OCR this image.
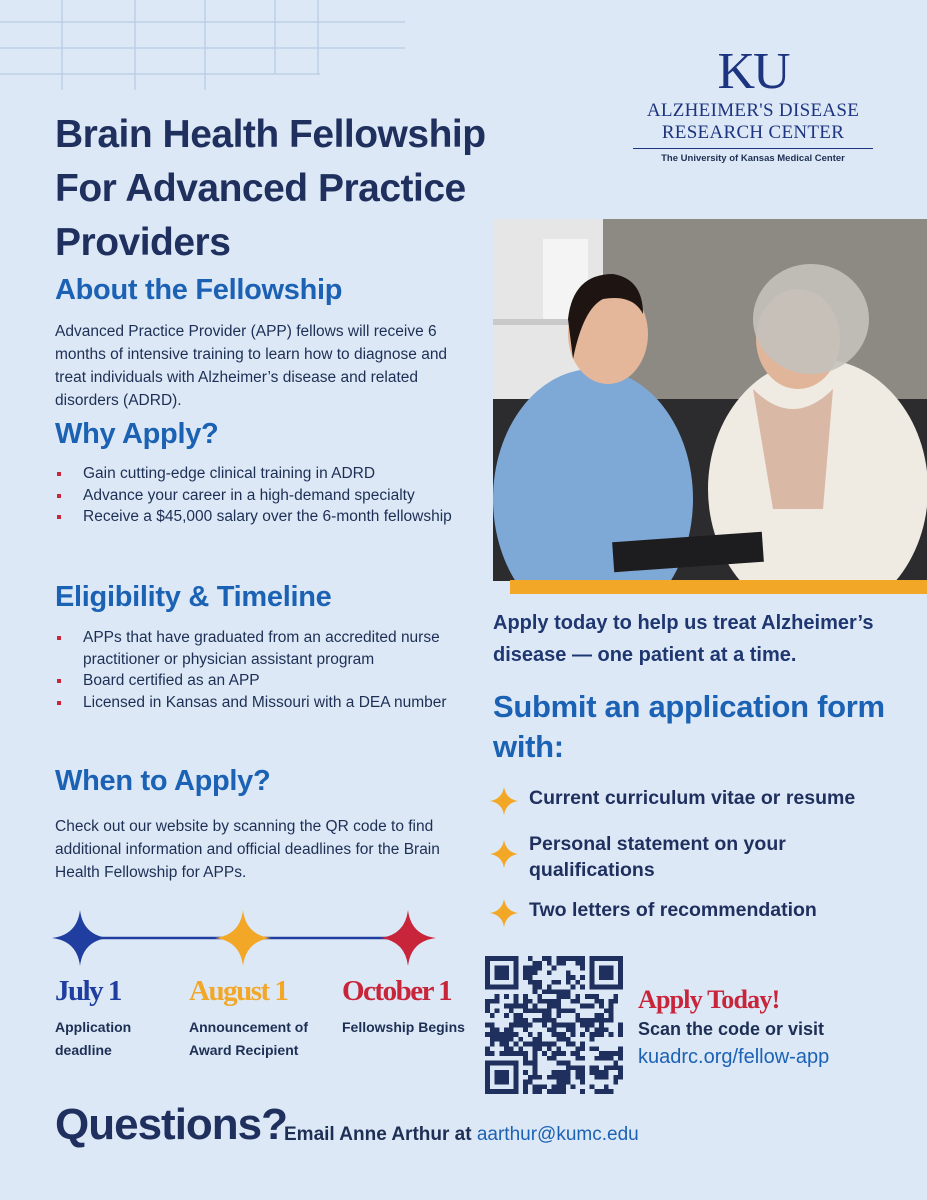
KU
ALZHEIMER'S DISEASE
RESEARCH CENTER
The University of Kansas Medical Center
Brain Health Fellowship For Advanced Practice Providers
About the Fellowship

Advanced Practice Provider (APP) fellows will receive 6 months of intensive training to learn how to diagnose and treat individuals with Alzheimer’s disease and related disorders (ADRD).

Why Apply?
Gain cutting-edge clinical training in ADRD
Advance your career in a high-demand specialty
Receive a $45,000 salary over the 6-month fellowship
Eligibility & Timeline
APPs that have graduated from an accredited nurse practitioner or physician assistant program
Board certified as an APP
Licensed in Kansas and Missouri with a DEA number
When to Apply?

Check out our website by scanning the QR code to find additional information and official deadlines for the Brain Health Fellowship for APPs.

July 1
Application deadline
August 1
Announcement of Award Recipient
October 1
Fellowship Begins
Questions?
Email Anne Arthur at aarthur@kumc.edu
Apply today to help us treat Alzheimer’s disease — one patient at a time.
Submit an application form with:
Current curriculum vitae or resume
Personal statement on your qualifications
Two letters of recommendation
Apply Today!
Scan the code or visit
kuadrc.org/fellow-app
